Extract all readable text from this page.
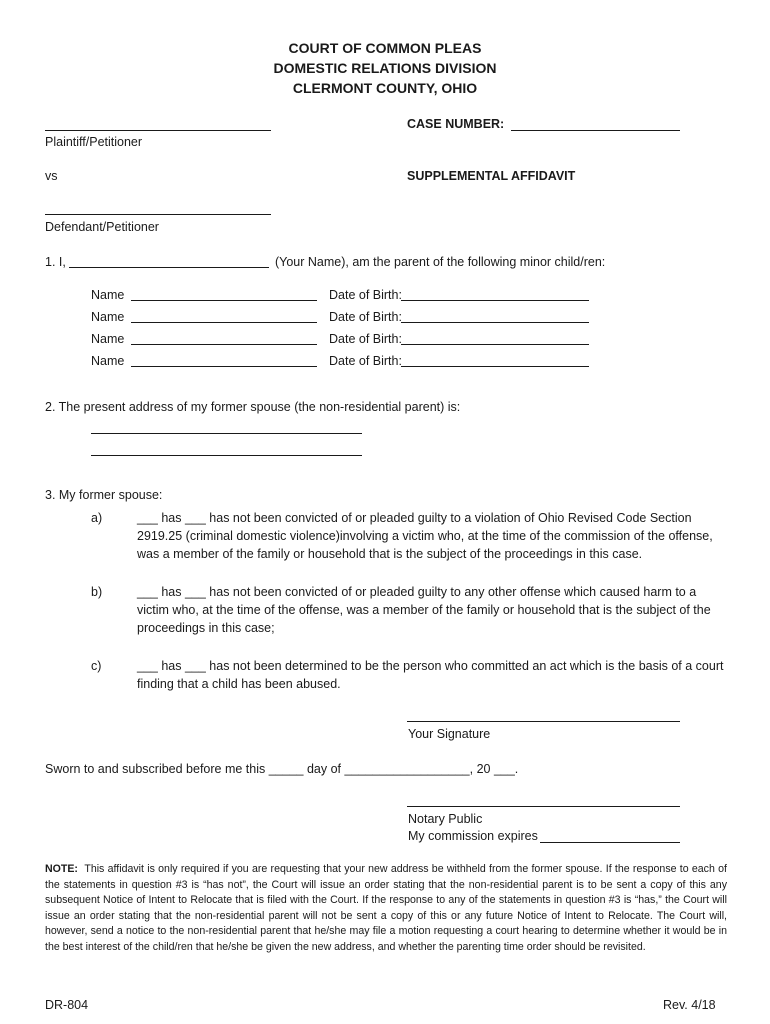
COURT OF COMMON PLEAS
DOMESTIC RELATIONS DIVISION
CLERMONT COUNTY, OHIO
Plaintiff/Petitioner
CASE NUMBER:
vs	SUPPLEMENTAL AFFIDAVIT
Defendant/Petitioner
1. I,	(Your Name), am the parent of the following minor child/ren:
Name	Date of Birth:
Name	Date of Birth:
Name	Date of Birth:
Name	Date of Birth:
2. The present address of my former spouse (the non-residential parent) is:
3. My former spouse:
a)	___ has ___ has not been convicted of or pleaded guilty to a violation of Ohio Revised Code Section 2919.25 (criminal domestic violence)involving a victim who, at the time of the commission of the offense, was a member of the family or household that is the subject of the proceedings in this case.
b)	___ has ___ has not been convicted of or pleaded guilty to any other offense which caused harm to a victim who, at the time of the offense, was a member of the family or household that is the subject of the proceedings in this case;
c)	___ has ___ has not been determined to be the person who committed an act which is the basis of a court finding that a child has been abused.
Your Signature
Sworn to and subscribed before me this _____ day of __________________, 20 ___.
Notary Public
My commission expires
NOTE: This affidavit is only required if you are requesting that your new address be withheld from the former spouse. If the response to each of the statements in question #3 is “has not”, the Court will issue an order stating that the non-residential parent is to be sent a copy of this any subsequent Notice of Intent to Relocate that is filed with the Court. If the response to any of the statements in question #3 is “has,” the Court will issue an order stating that the non-residential parent will not be sent a copy of this or any future Notice of Intent to Relocate. The Court will, however, send a notice to the non-residential parent that he/she may file a motion requesting a court hearing to determine whether it would be in the best interest of the child/ren that he/she be given the new address, and whether the parenting time order should be revisited.
DR-804	Rev. 4/18
